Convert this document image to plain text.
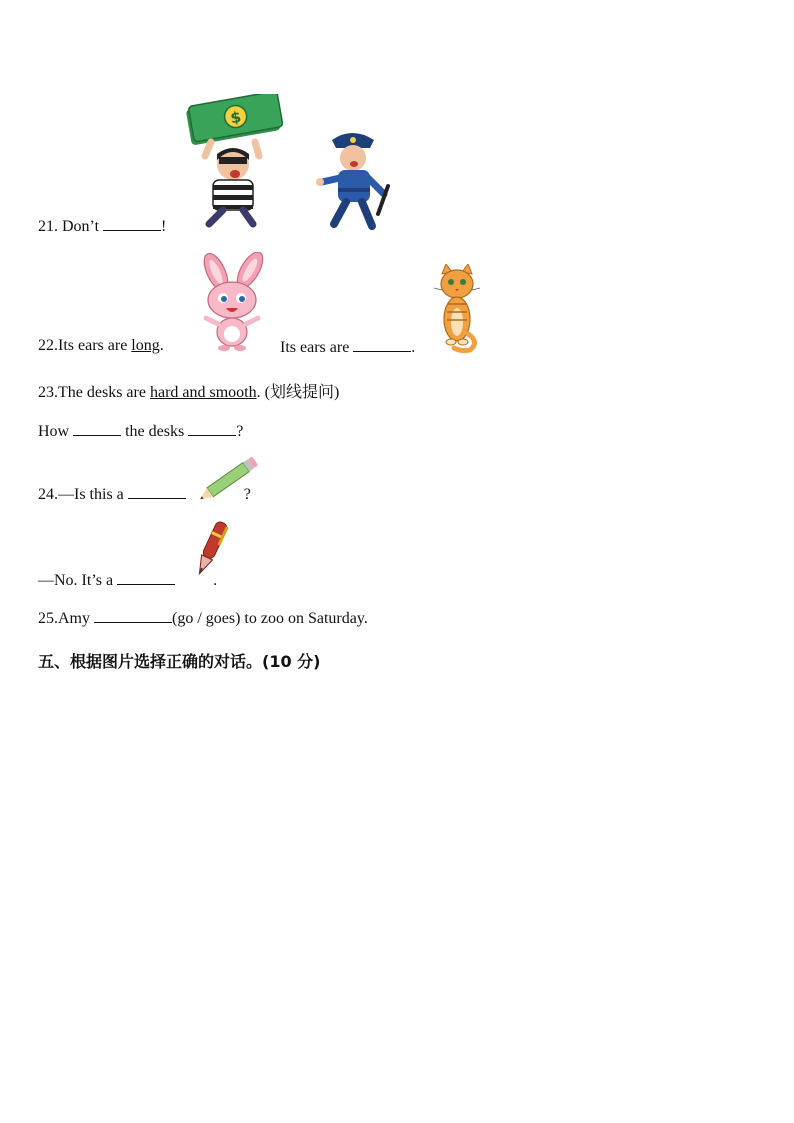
$
21. Don’t	!
22.Its ears are long.	Its ears are	.
23.The desks are hard and smooth. (划线提问)
How	the desks	?
24.—Is this a	?
—No. It’s a	.
25.Amy	(go / goes) to zoo on Saturday.
五、根据图片选择正确的对话。(10 分)
